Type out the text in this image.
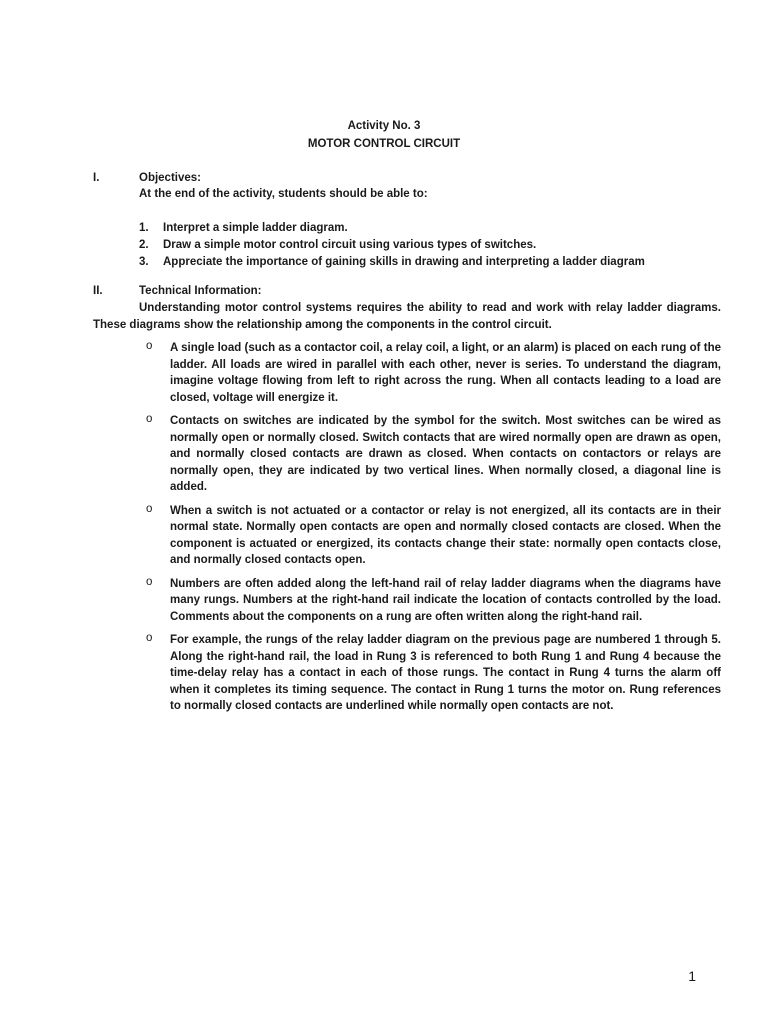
Activity No. 3
MOTOR CONTROL CIRCUIT
I.	Objectives:
At the end of the activity, students should be able to:
1. Interpret a simple ladder diagram.
2. Draw a simple motor control circuit using various types of switches.
3. Appreciate the importance of gaining skills in drawing and interpreting a ladder diagram
II.	Technical Information:
Understanding motor control systems requires the ability to read and work with relay ladder diagrams. These diagrams show the relationship among the components in the control circuit.
o A single load (such as a contactor coil, a relay coil, a light, or an alarm) is placed on each rung of the ladder. All loads are wired in parallel with each other, never is series. To understand the diagram, imagine voltage flowing from left to right across the rung. When all contacts leading to a load are closed, voltage will energize it.
o Contacts on switches are indicated by the symbol for the switch. Most switches can be wired as normally open or normally closed. Switch contacts that are wired normally open are drawn as open, and normally closed contacts are drawn as closed. When contacts on contactors or relays are normally open, they are indicated by two vertical lines. When normally closed, a diagonal line is added.
o When a switch is not actuated or a contactor or relay is not energized, all its contacts are in their normal state. Normally open contacts are open and normally closed contacts are closed. When the component is actuated or energized, its contacts change their state: normally open contacts close, and normally closed contacts open.
o Numbers are often added along the left-hand rail of relay ladder diagrams when the diagrams have many rungs. Numbers at the right-hand rail indicate the location of contacts controlled by the load. Comments about the components on a rung are often written along the right-hand rail.
o For example, the rungs of the relay ladder diagram on the previous page are numbered 1 through 5. Along the right-hand rail, the load in Rung 3 is referenced to both Rung 1 and Rung 4 because the time-delay relay has a contact in each of those rungs. The contact in Rung 4 turns the alarm off when it completes its timing sequence. The contact in Rung 1 turns the motor on. Rung references to normally closed contacts are underlined while normally open contacts are not.
1
